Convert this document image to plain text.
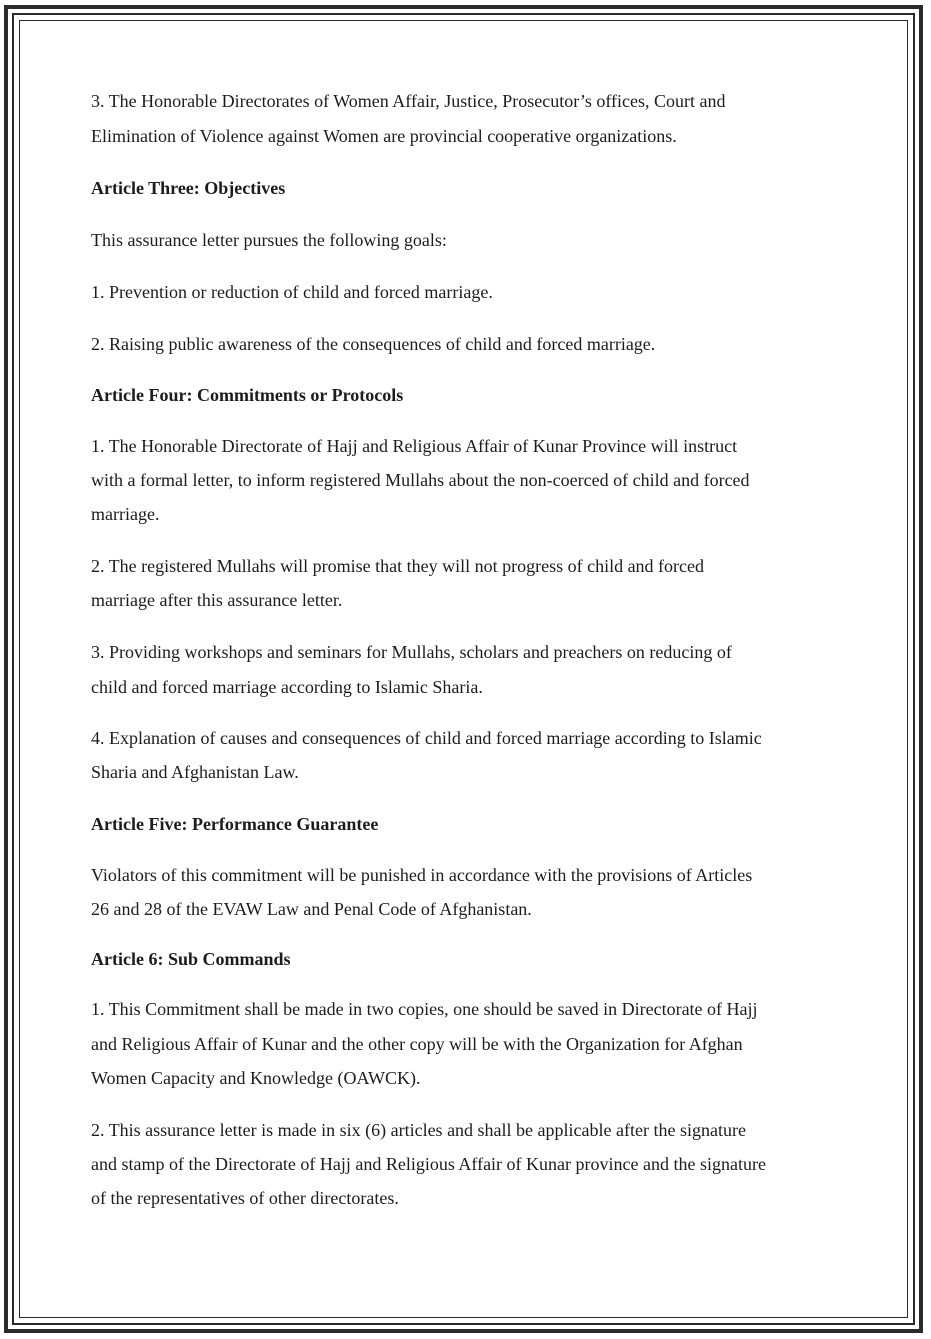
3. The Honorable Directorates of Women Affair, Justice, Prosecutor’s offices, Court and
Elimination of Violence against Women are provincial cooperative organizations.
Article Three: Objectives
This assurance letter pursues the following goals:
1. Prevention or reduction of child and forced marriage.
2. Raising public awareness of the consequences of child and forced marriage.
Article Four: Commitments or Protocols
1. The Honorable Directorate of Hajj and Religious Affair of Kunar Province will instruct
with a formal letter, to inform registered Mullahs about the non-coerced of child and forced
marriage.
2. The registered Mullahs will promise that they will not progress of child and forced
marriage after this assurance letter.
3. Providing workshops and seminars for Mullahs, scholars and preachers on reducing of
child and forced marriage according to Islamic Sharia.
4. Explanation of causes and consequences of child and forced marriage according to Islamic
Sharia and Afghanistan Law.
Article Five: Performance Guarantee
Violators of this commitment will be punished in accordance with the provisions of Articles
26 and 28 of the EVAW Law and Penal Code of Afghanistan.
Article 6: Sub Commands
1. This Commitment shall be made in two copies, one should be saved in Directorate of Hajj
and Religious Affair of Kunar and the other copy will be with the Organization for Afghan
Women Capacity and Knowledge (OAWCK).
2. This assurance letter is made in six (6) articles and shall be applicable after the signature
and stamp of the Directorate of Hajj and Religious Affair of Kunar province and the signature
of the representatives of other directorates.
